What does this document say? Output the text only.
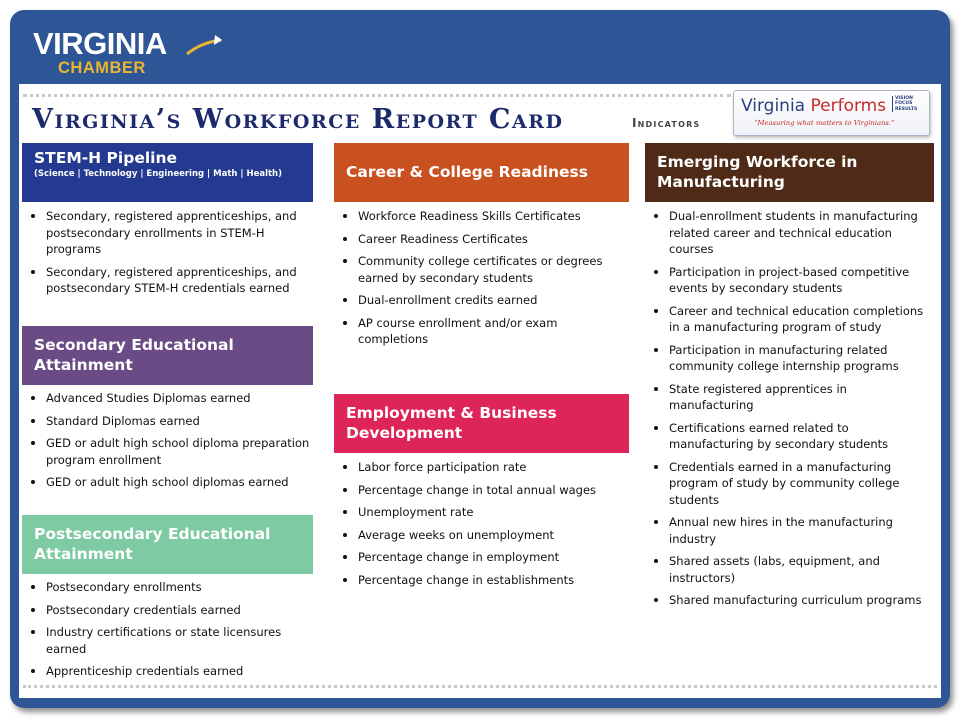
VIRGINIA
CHAMBER
Virginia’s Workforce Report Card	Indicators
Virginia Performs VISION
FOCUS
RESULTS
“Measuring what matters to Virginians.”
STEM-H Pipeline
(Science | Technology | Engineering | Math | Health)
Secondary, registered apprenticeships, and postsecondary enrollments in STEM-H programs
Secondary, registered apprenticeships, and postsecondary STEM-H credentials earned
Secondary Educational Attainment
Advanced Studies Diplomas earned
Standard Diplomas earned
GED or adult high school diploma preparation program enrollment
GED or adult high school diplomas earned
Postsecondary Educational Attainment
Postsecondary enrollments
Postsecondary credentials earned
Industry certifications or state licensures earned
Apprenticeship credentials earned
Career & College Readiness
Workforce Readiness Skills Certificates
Career Readiness Certificates
Community college certificates or degrees earned by secondary students
Dual-enrollment credits earned
AP course enrollment and/or exam completions
Employment & Business Development
Labor force participation rate
Percentage change in total annual wages
Unemployment rate
Average weeks on unemployment
Percentage change in employment
Percentage change in establishments
Emerging Workforce in Manufacturing
Dual-enrollment students in manufacturing related career and technical education courses
Participation in project-based competitive events by secondary students
Career and technical education completions in a manufacturing program of study
Participation in manufacturing related community college internship programs
State registered apprentices in manufacturing
Certifications earned related to manufacturing by secondary students
Credentials earned in a manufacturing program of study by community college students
Annual new hires in the manufacturing industry
Shared assets (labs, equipment, and instructors)
Shared manufacturing curriculum programs
